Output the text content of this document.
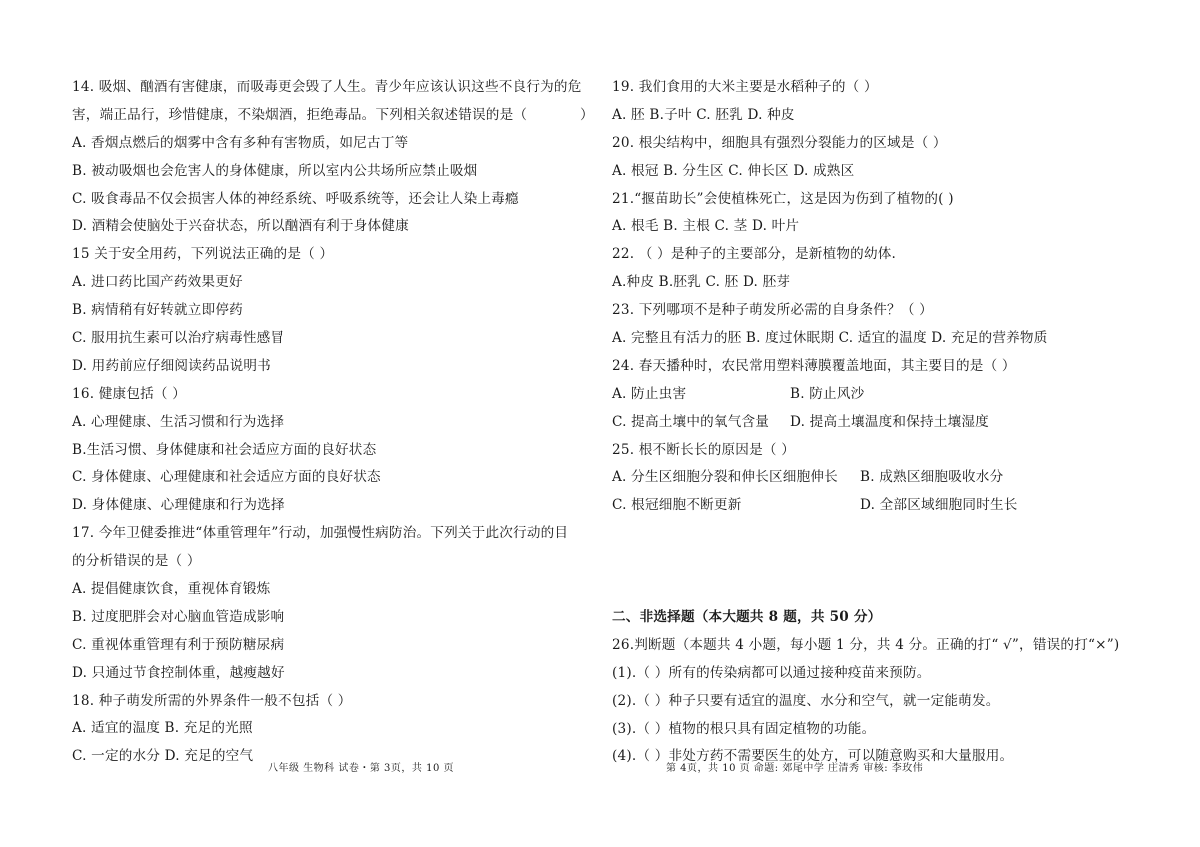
14. 吸烟、酗酒有害健康，而吸毒更会毁了人生。青少年应该认识这些不良行为的危
害，端正品行，珍惜健康，不染烟酒，拒绝毒品。下列相关叙述错误的是（	）
A. 香烟点燃后的烟雾中含有多种有害物质，如尼古丁等
B. 被动吸烟也会危害人的身体健康，所以室内公共场所应禁止吸烟
C. 吸食毒品不仅会损害人体的神经系统、呼吸系统等，还会让人染上毒瘾
D. 酒精会使脑处于兴奋状态，所以酗酒有利于身体健康
15 关于安全用药，下列说法正确的是（ ）
A. 进口药比国产药效果更好
B. 病情稍有好转就立即停药
C. 服用抗生素可以治疗病毒性感冒
D. 用药前应仔细阅读药品说明书
16. 健康包括（ ）
A. 心理健康、生活习惯和行为选择
B.生活习惯、身体健康和社会适应方面的良好状态
C. 身体健康、心理健康和社会适应方面的良好状态
D. 身体健康、心理健康和行为选择
17. 今年卫健委推进“体重管理年”行动，加强慢性病防治。下列关于此次行动的目
的分析错误的是（ ）
A. 提倡健康饮食，重视体育锻炼
B. 过度肥胖会对心脑血管造成影响
C. 重视体重管理有利于预防糖尿病
D. 只通过节食控制体重，越瘦越好
18. 种子萌发所需的外界条件一般不包括（ ）
A. 适宜的温度 B. 充足的光照
C. 一定的水分 D. 充足的空气
19. 我们食用的大米主要是水稻种子的（ ）
A. 胚 B.子叶 C. 胚乳 D. 种皮
20. 根尖结构中，细胞具有强烈分裂能力的区域是（ ）
A. 根冠 B. 分生区 C. 伸长区 D. 成熟区
21.“揠苗助长”会使植株死亡，这是因为伤到了植物的( )
A. 根毛 B. 主根 C. 茎 D. 叶片
22. （ ）是种子的主要部分，是新植物的幼体.
A.种皮 B.胚乳 C. 胚 D. 胚芽
23. 下列哪项不是种子萌发所必需的自身条件？（ ）
A. 完整且有活力的胚 B. 度过休眠期 C. 适宜的温度 D. 充足的营养物质
24. 春天播种时，农民常用塑料薄膜覆盖地面，其主要目的是（ ）
A. 防止虫害	B. 防止风沙
C. 提高土壤中的氧气含量 D. 提高土壤温度和保持土壤湿度
25. 根不断长长的原因是（ ）
A. 分生区细胞分裂和伸长区细胞伸长 B. 成熟区细胞吸收水分
C. 根冠细胞不断更新	D. 全部区域细胞同时生长
二、非选择题（本大题共 8 题，共 50 分）
26.判断题（本题共 4 小题，每小题 1 分，共 4 分。正确的打“ √”，错误的打“×”)
(1).（ ）所有的传染病都可以通过接种疫苗来预防。
(2).（ ）种子只要有适宜的温度、水分和空气，就一定能萌发。
(3).（ ）植物的根只具有固定植物的功能。
(4).（ ）非处方药不需要医生的处方，可以随意购买和大量服用。
八年级 生物科 试卷・第 3页，共 10 页	第 4页，共 10 页 命题: 郊尾中学 庄清秀 审核: 李玫伟
